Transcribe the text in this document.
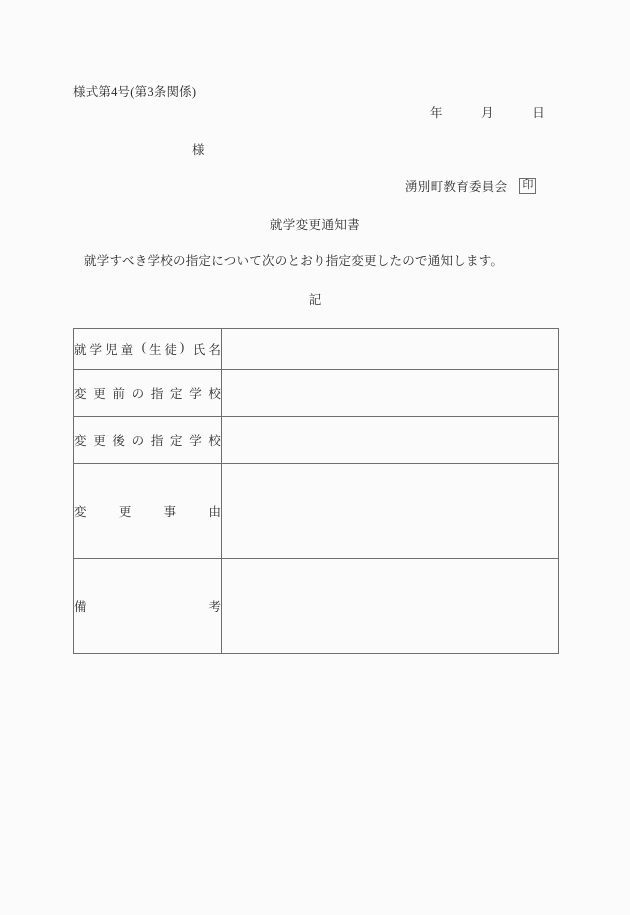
様式第4号(第3条関係)
年	月	日
様
湧別町教育委員会 印
就学変更通知書
就学すべき学校の指定について次のとおり指定変更したので通知します。
記
就 学 児 童
  ( 生 徒 )
  氏 名

変 更 前 の 指 定 学 校

変 更 後 の 指 定 学 校

変 更 事 由	

備 考	
